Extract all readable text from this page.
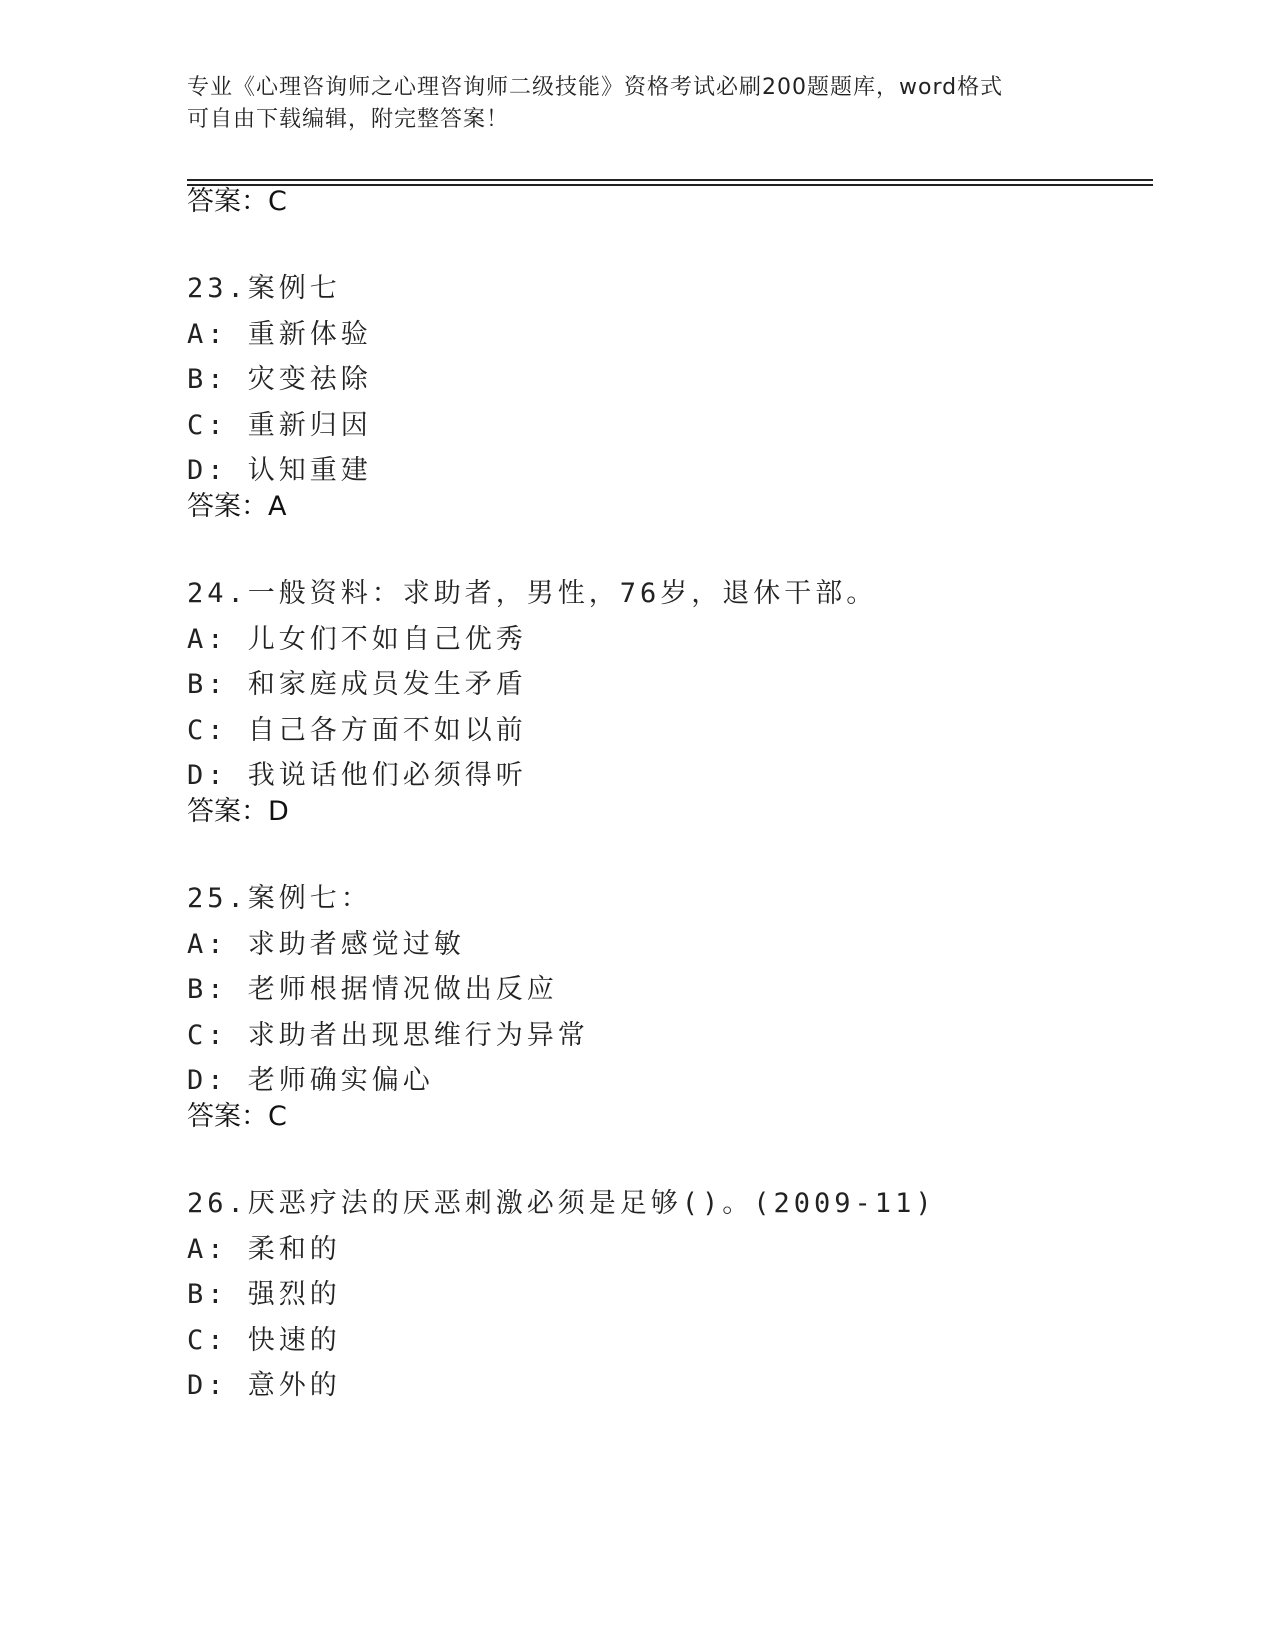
专业《心理咨询师之心理咨询师二级技能》资格考试必刷200题题库，word格式
可自由下载编辑，附完整答案！
答案：C
23.案例七
A: 重新体验
B: 灾变祛除
C: 重新归因
D: 认知重建
答案：A
24.一般资料：求助者，男性，76岁，退休干部。
A: 儿女们不如自己优秀
B: 和家庭成员发生矛盾
C: 自己各方面不如以前
D: 我说话他们必须得听
答案：D
25.案例七：
A: 求助者感觉过敏
B: 老师根据情况做出反应
C: 求助者出现思维行为异常
D: 老师确实偏心
答案：C
26.厌恶疗法的厌恶刺激必须是足够()。(2009-11)
A: 柔和的
B: 强烈的
C: 快速的
D: 意外的
